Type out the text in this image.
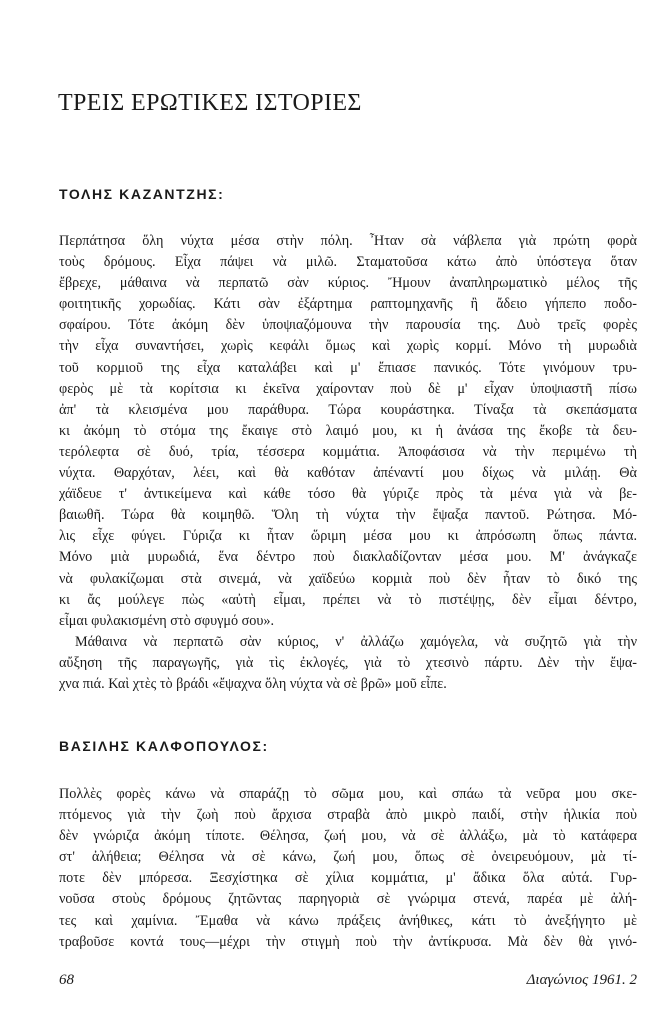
ΤΡΕΙΣ ΕΡΩΤΙΚΕΣ ΙΣΤΟΡΙΕΣ
ΤΟΛΗΣ ΚΑΖΑΝΤΖΗΣ:
Περπάτησα ὅλη νύχτα μέσα στὴν πόλη. Ἦταν σὰ νάβλεπα γιὰ πρώτη φορὰ
τοὺς δρόμους. Εἶχα πάψει νὰ μιλῶ. Σταματοῦσα κάτω ἀπὸ ὑπόστεγα ὅταν
ἔβρεχε, μάθαινα νὰ περπατῶ σὰν κύριος. Ἤμουν ἀναπληρωματικὸ μέλος τῆς
φοιτητικῆς χορωδίας. Κάτι σὰν ἐξάρτημα ραπτομηχανῆς ἢ ἄδειο γήπεπο ποδο-
σφαίρου. Τότε ἀκόμη δὲν ὑποψιαζόμουνα τὴν παρουσία της. Δυὸ τρεῖς φορὲς
τὴν εἶχα συναντήσει, χωρὶς κεφάλι ὅμως καὶ χωρὶς κορμί. Μόνο τὴ μυρωδιὰ
τοῦ κορμιοῦ της εἶχα καταλάβει καὶ μ' ἔπιασε πανικός. Τότε γινόμουν τρυ-
φερὸς μὲ τὰ κορίτσια κι ἐκεῖνα χαίρονταν ποὺ δὲ μ' εἶχαν ὑποψιαστῆ πίσω
ἀπ' τὰ κλεισμένα μου παράθυρα. Τώρα κουράστηκα. Τίναξα τὰ σκεπάσματα
κι ἀκόμη τὸ στόμα της ἔκαιγε στὸ λαιμό μου, κι ἡ ἀνάσα της ἔκοβε τὰ δευ-
τερόλεφτα σὲ δυό, τρία, τέσσερα κομμάτια. Ἀποφάσισα νὰ τὴν περιμένω τὴ
νύχτα. Θαρχόταν, λέει, καὶ θὰ καθόταν ἀπέναντί μου δίχως νὰ μιλάῃ. Θὰ
χάϊδευε τ' ἀντικείμενα καὶ κάθε τόσο θὰ γύριζε πρὸς τὰ μένα γιὰ νὰ βε-
βαιωθῆ. Τώρα θὰ κοιμηθῶ. Ὅλη τὴ νύχτα τὴν ἔψαξα παντοῦ. Ρώτησα. Μό-
λις εἶχε φύγει. Γύριζα κι ἦταν ὥριμη μέσα μου κι ἀπρόσωπη ὅπως πάντα.
Μόνο μιὰ μυρωδιά, ἕνα δέντρο ποὺ διακλαδίζονταν μέσα μου. Μ' ἀνάγκαζε
νὰ φυλακίζωμαι στὰ σινεμά, νὰ χαϊδεύω κορμιὰ ποὺ δὲν ἦταν τὸ δικό της
κι ἄς μούλεγε πὼς «αὐτὴ εἶμαι, πρέπει νὰ τὸ πιστέψῃς, δὲν εἶμαι δέντρο,
εἶμαι φυλακισμένη στὸ σφυγμό σου».
Μάθαινα νὰ περπατῶ σὰν κύριος, ν' ἀλλάζω χαμόγελα, νὰ συζητῶ γιὰ τὴν
αὔξηση τῆς παραγωγῆς, γιὰ τὶς ἐκλογές, γιὰ τὸ χτεσινὸ πάρτυ. Δὲν τὴν ἔψα-
χνα πιά. Καὶ χτὲς τὸ βράδι «ἔψαχνα ὅλη νύχτα νὰ σὲ βρῶ» μοῦ εἶπε.
ΒΑΣΙΛΗΣ ΚΑΛΦΟΠΟΥΛΟΣ:
Πολλὲς φορὲς κάνω νὰ σπαράζῃ τὸ σῶμα μου, καὶ σπάω τὰ νεῦρα μου σκε-
πτόμενος γιὰ τὴν ζωὴ ποὺ ἄρχισα στραβὰ ἀπὸ μικρὸ παιδί, στὴν ἡλικία ποὺ
δὲν γνώριζα ἀκόμη τίποτε. Θέλησα, ζωή μου, νὰ σὲ ἀλλάξω, μὰ τὸ κατάφερα
στ' ἀλήθεια; Θέλησα νὰ σὲ κάνω, ζωή μου, ὅπως σὲ ὀνειρευόμουν, μὰ τί-
ποτε δὲν μπόρεσα. Ξεσχίστηκα σὲ χίλια κομμάτια, μ' ἄδικα ὅλα αὐτά. Γυρ-
νοῦσα στοὺς δρόμους ζητῶντας παρηγοριὰ σὲ γνώριμα στενά, παρέα μὲ ἀλή-
τες καὶ χαμίνια. Ἔμαθα νὰ κάνω πράξεις ἀνήθικες, κάτι τὸ ἀνεξήγητο μὲ
τραβοῦσε κοντά τους—μέχρι τὴν στιγμὴ ποὺ τὴν ἀντίκρυσα. Μὰ δὲν θὰ γινό-
68	Διαγώνιος 1961. 2
